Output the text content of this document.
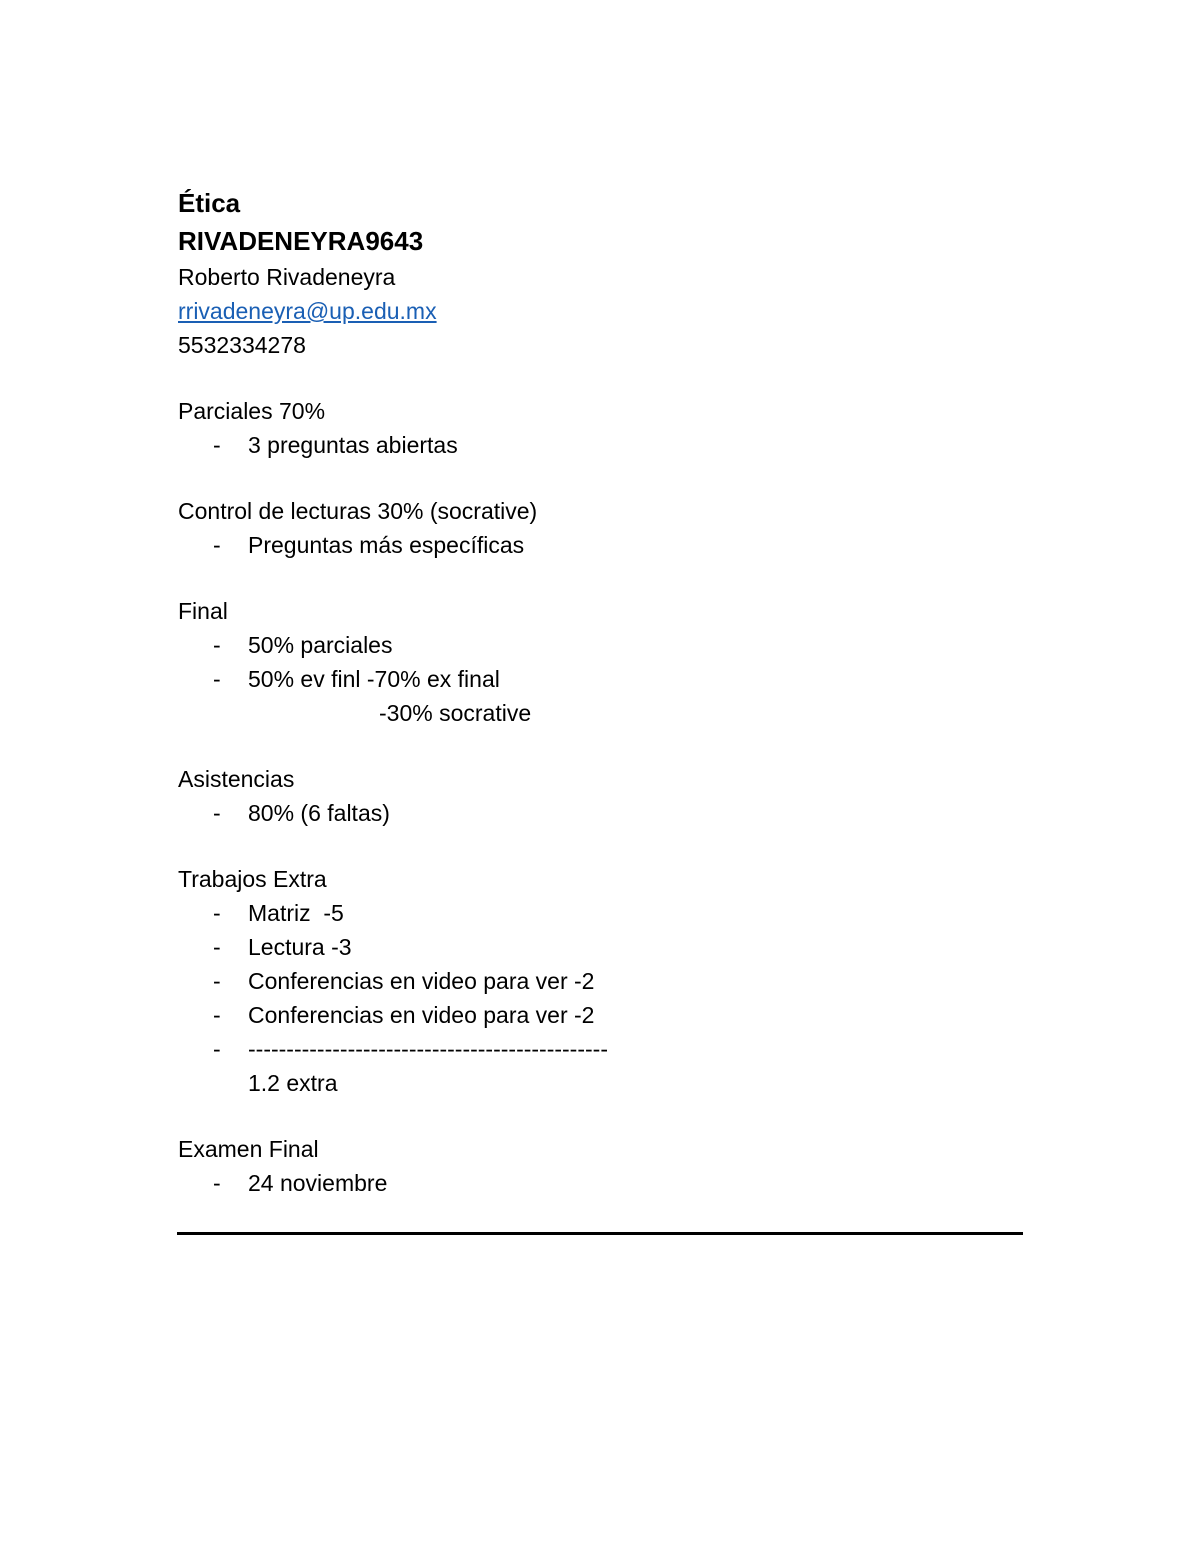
Ética
RIVADENEYRA9643
Roberto Rivadeneyra
rrivadeneyra@up.edu.mx
5532334278
Parciales 70%
- 3 preguntas abiertas
Control de lecturas 30% (socrative)
- Preguntas más específicas
Final
- 50% parciales
- 50% ev finl -70% ex final
-30% socrative
Asistencias
- 80% (6 faltas)
Trabajos Extra
- Matriz  -5
- Lectura -3
- Conferencias en video para ver -2
- Conferencias en video para ver -2
- -----------------------------------------------
1.2 extra
Examen Final
- 24 noviembre
